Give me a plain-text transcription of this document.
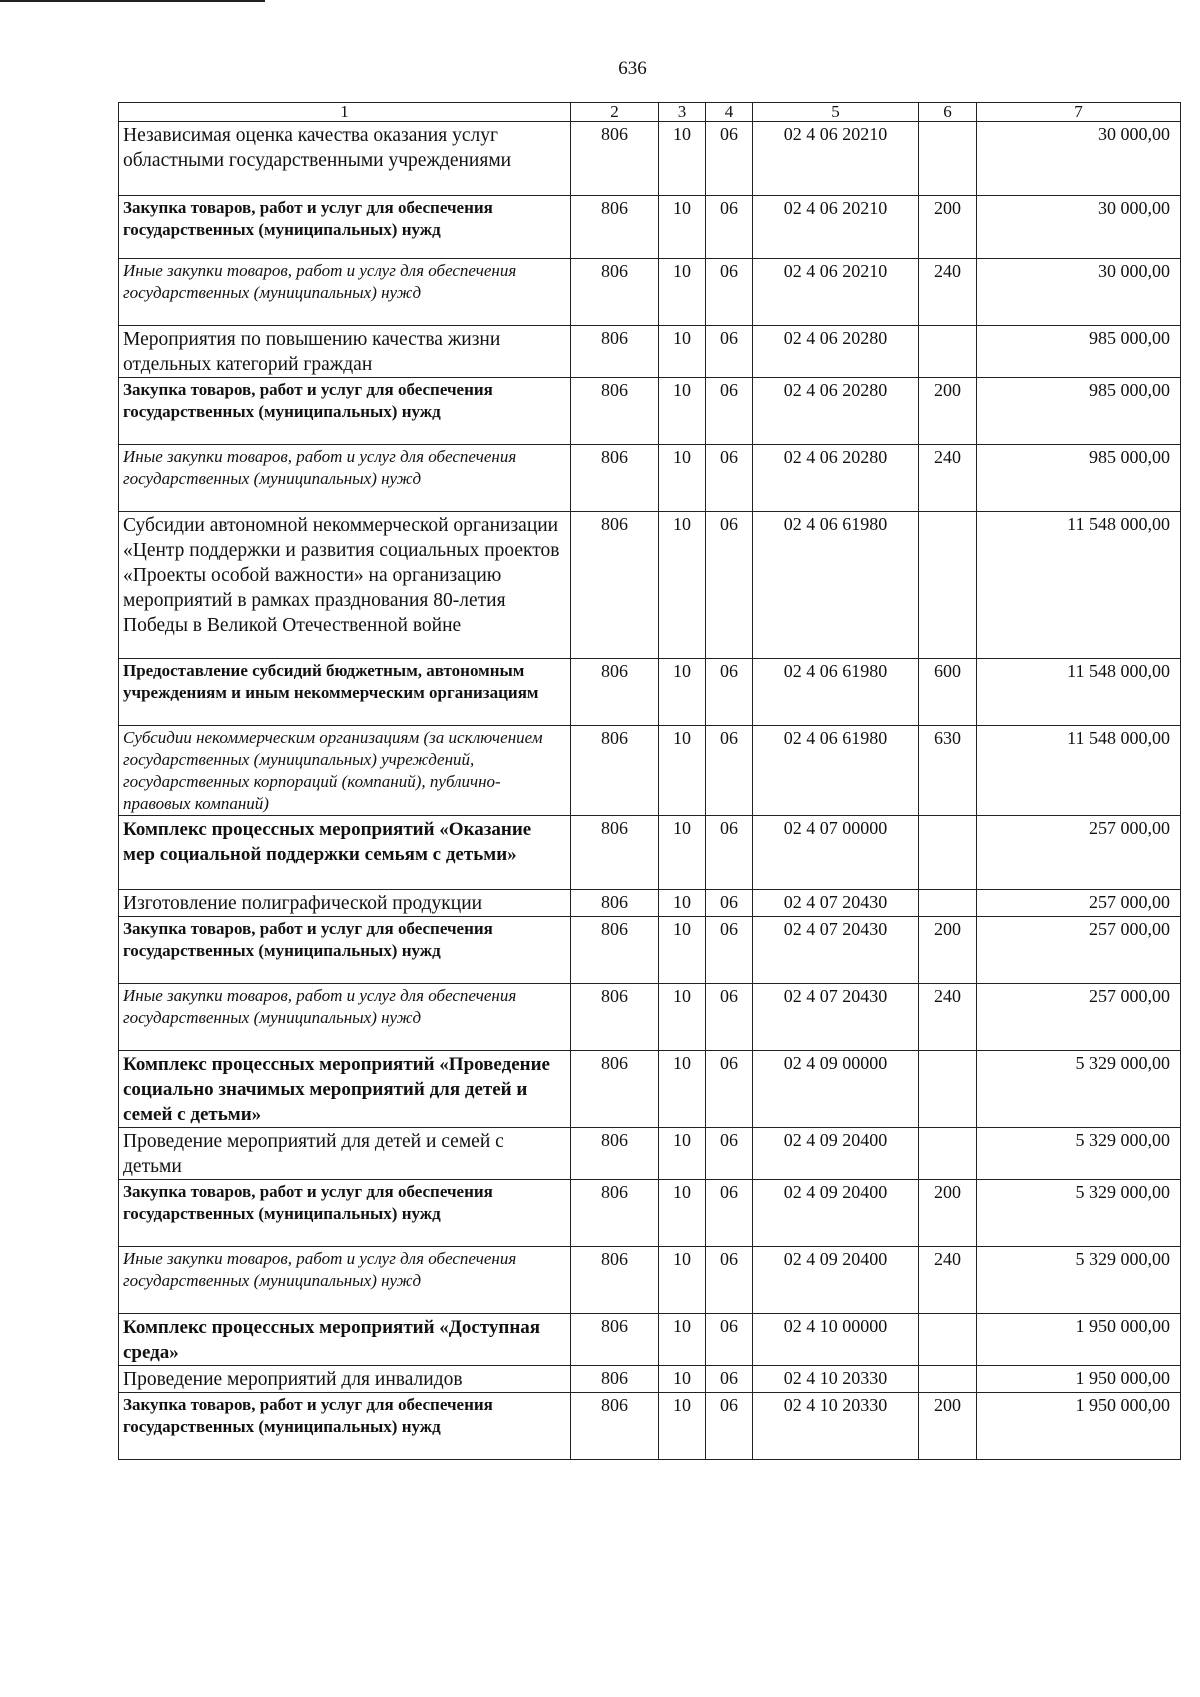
636
1	2	3	4	5	6	7
Независимая оценка качества оказания услуг областными государственными учреждениями	806	10	06	02 4 06 20210		30 000,00
Закупка товаров, работ и услуг для обеспечения государственных (муниципальных) нужд	806	10	06	02 4 06 20210	200	30 000,00
Иные закупки товаров, работ и услуг для обеспечения государственных (муниципальных) нужд	806	10	06	02 4 06 20210	240	30 000,00
Мероприятия по повышению качества жизни отдельных категорий граждан	806	10	06	02 4 06 20280		985 000,00
Закупка товаров, работ и услуг для обеспечения государственных (муниципальных) нужд	806	10	06	02 4 06 20280	200	985 000,00
Иные закупки товаров, работ и услуг для обеспечения государственных (муниципальных) нужд	806	10	06	02 4 06 20280	240	985 000,00
Субсидии автономной некоммерческой организации «Центр поддержки и развития социальных проектов «Проекты особой важности» на организацию мероприятий в рамках празднования 80-летия Победы в Великой Отечественной войне	806	10	06	02 4 06 61980		11 548 000,00
Предоставление субсидий бюджетным, автономным учреждениям и иным некоммерческим организациям	806	10	06	02 4 06 61980	600	11 548 000,00
Субсидии некоммерческим организациям (за исключением государственных (муниципальных) учреждений, государственных корпораций (компаний), публично-правовых компаний)	806	10	06	02 4 06 61980	630	11 548 000,00
Комплекс процессных мероприятий «Оказание мер социальной поддержки семьям с детьми»	806	10	06	02 4 07 00000		257 000,00
Изготовление полиграфической продукции	806	10	06	02 4 07 20430		257 000,00
Закупка товаров, работ и услуг для обеспечения государственных (муниципальных) нужд	806	10	06	02 4 07 20430	200	257 000,00
Иные закупки товаров, работ и услуг для обеспечения государственных (муниципальных) нужд	806	10	06	02 4 07 20430	240	257 000,00
Комплекс процессных мероприятий «Проведение социально значимых мероприятий для детей и семей с детьми»	806	10	06	02 4 09 00000		5 329 000,00
Проведение мероприятий для детей и семей с детьми	806	10	06	02 4 09 20400		5 329 000,00
Закупка товаров, работ и услуг для обеспечения государственных (муниципальных) нужд	806	10	06	02 4 09 20400	200	5 329 000,00
Иные закупки товаров, работ и услуг для обеспечения государственных (муниципальных) нужд	806	10	06	02 4 09 20400	240	5 329 000,00
Комплекс процессных мероприятий «Доступная среда»	806	10	06	02 4 10 00000		1 950 000,00
Проведение мероприятий для инвалидов	806	10	06	02 4 10 20330		1 950 000,00
Закупка товаров, работ и услуг для обеспечения государственных (муниципальных) нужд	806	10	06	02 4 10 20330	200	1 950 000,00
